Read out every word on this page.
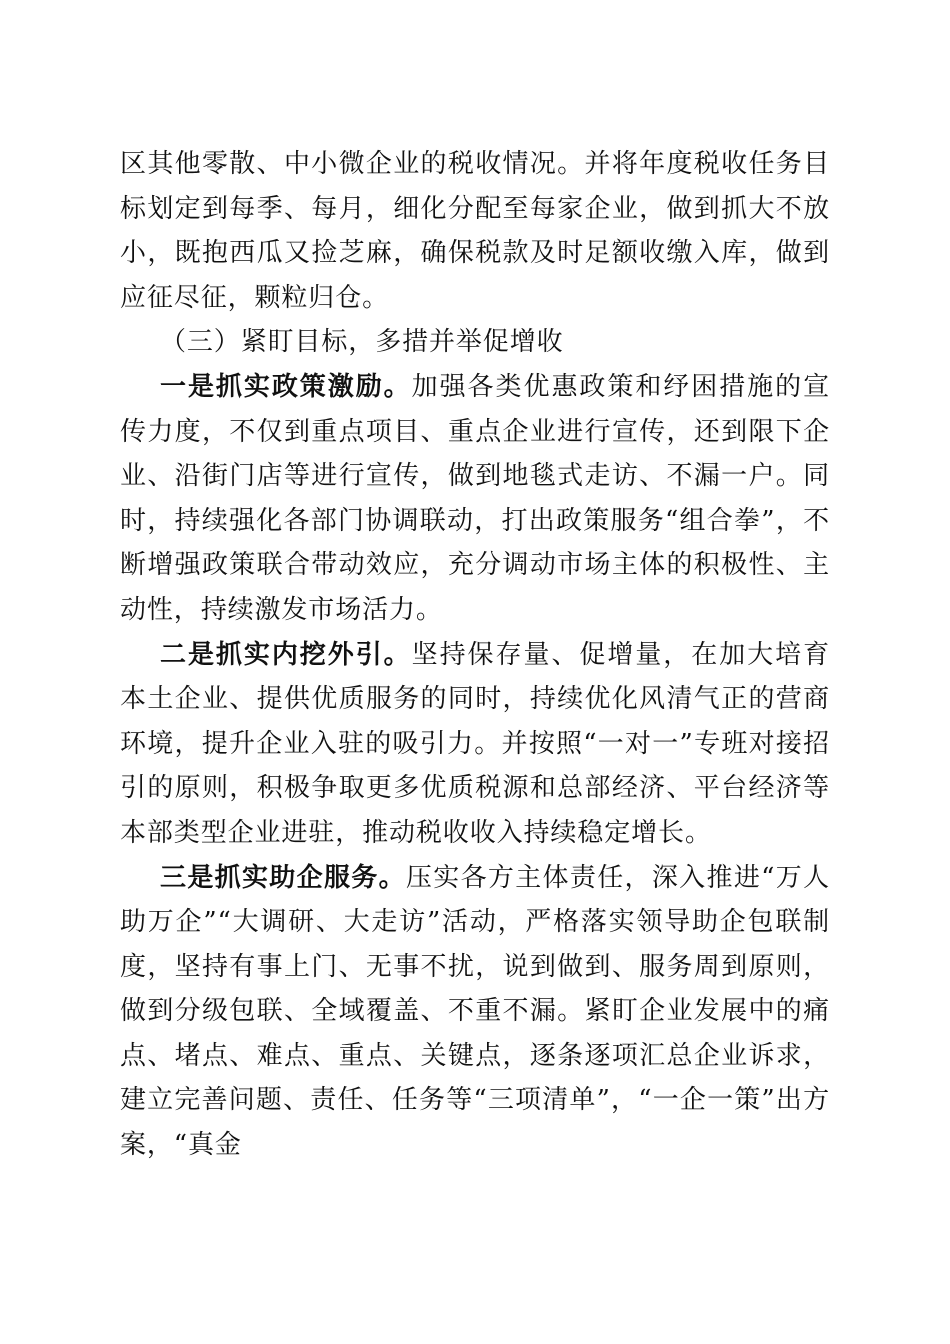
区其他零散、中小微企业的税收情况。并将年度税收任务目标划定到每季、每月，细化分配至每家企业，做到抓大不放小，既抱西瓜又捡芝麻，确保税款及时足额收缴入库，做到应征尽征，颗粒归仓。

（三）紧盯目标，多措并举促增收

一是抓实政策激励。加强各类优惠政策和纾困措施的宣传力度，不仅到重点项目、重点企业进行宣传，还到限下企业、沿街门店等进行宣传，做到地毯式走访、不漏一户。同时，持续强化各部门协调联动，打出政策服务“组合拳”，不断增强政策联合带动效应，充分调动市场主体的积极性、主动性，持续激发市场活力。

二是抓实内挖外引。坚持保存量、促增量，在加大培育本土企业、提供优质服务的同时，持续优化风清气正的营商环境，提升企业入驻的吸引力。并按照“一对一”专班对接招引的原则，积极争取更多优质税源和总部经济、平台经济等本部类型企业进驻，推动税收收入持续稳定增长。

三是抓实助企服务。压实各方主体责任，深入推进“万人助万企”“大调研、大走访”活动，严格落实领导助企包联制度，坚持有事上门、无事不扰，说到做到、服务周到原则，做到分级包联、全域覆盖、不重不漏。紧盯企业发展中的痛点、堵点、难点、重点、关键点，逐条逐项汇总企业诉求，建立完善问题、责任、任务等“三项清单”，“一企一策”出方案，“真金
